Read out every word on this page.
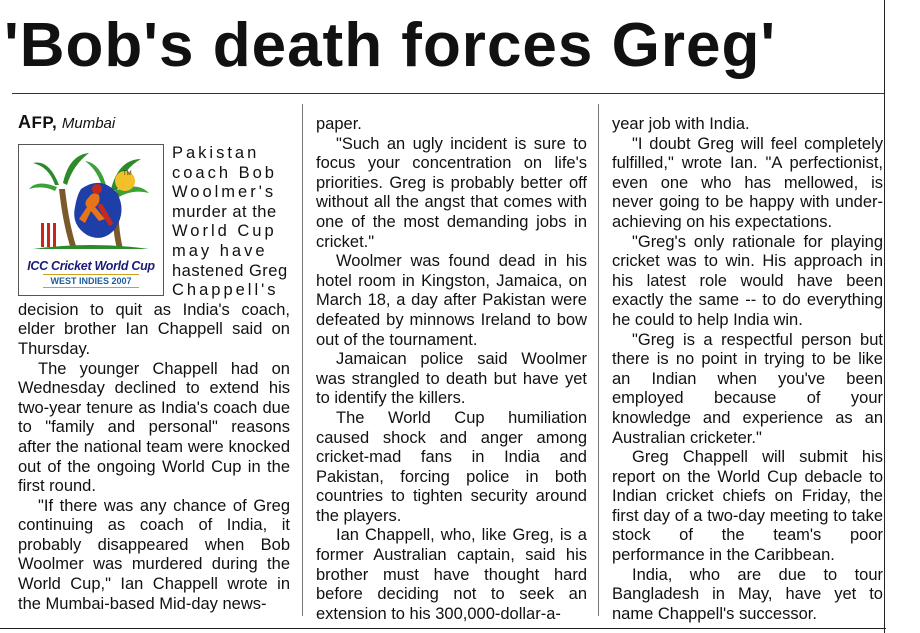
'Bob's death forces Greg'
AFP, Mumbai
TM
ICC Cricket World Cup
WEST INDIES 2007

Pakistan
coach Bob
Woolmer's
murder at the
World Cup
may have
hastened Greg
Chappell's

decision to quit as India's coach, elder brother Ian Chappell said on Thursday.

The younger Chappell had on Wednesday declined to extend his two-year tenure as India's coach due to "family and personal" reasons after the national team were knocked out of the ongoing World Cup in the first round.

"If there was any chance of Greg continuing as coach of India, it probably disappeared when Bob Woolmer was murdered during the World Cup," Ian Chappell wrote in the Mumbai-based Mid-day news-

paper.

"Such an ugly incident is sure to focus your concentration on life's priorities. Greg is probably better off without all the angst that comes with one of the most demanding jobs in cricket."

Woolmer was found dead in his hotel room in Kingston, Jamaica, on March 18, a day after Pakistan were defeated by minnows Ireland to bow out of the tournament.

Jamaican police said Woolmer was strangled to death but have yet to identify the killers.

The World Cup humiliation caused shock and anger among cricket-mad fans in India and Pakistan, forcing police in both countries to tighten security around the players.

Ian Chappell, who, like Greg, is a former Australian captain, said his brother must have thought hard before deciding not to seek an extension to his 300,000-dollar-a-

year job with India.

"I doubt Greg will feel completely fulfilled," wrote Ian. "A perfectionist, even one who has mellowed, is never going to be happy with under-achieving on his expectations.

"Greg's only rationale for playing cricket was to win. His approach in his latest role would have been exactly the same -- to do everything he could to help India win.

"Greg is a respectful person but there is no point in trying to be like an Indian when you've been employed because of your knowledge and experience as an Australian cricketer."

Greg Chappell will submit his report on the World Cup debacle to Indian cricket chiefs on Friday, the first day of a two-day meeting to take stock of the team's poor performance in the Caribbean.

India, who are due to tour Bangladesh in May, have yet to name Chappell's successor.
